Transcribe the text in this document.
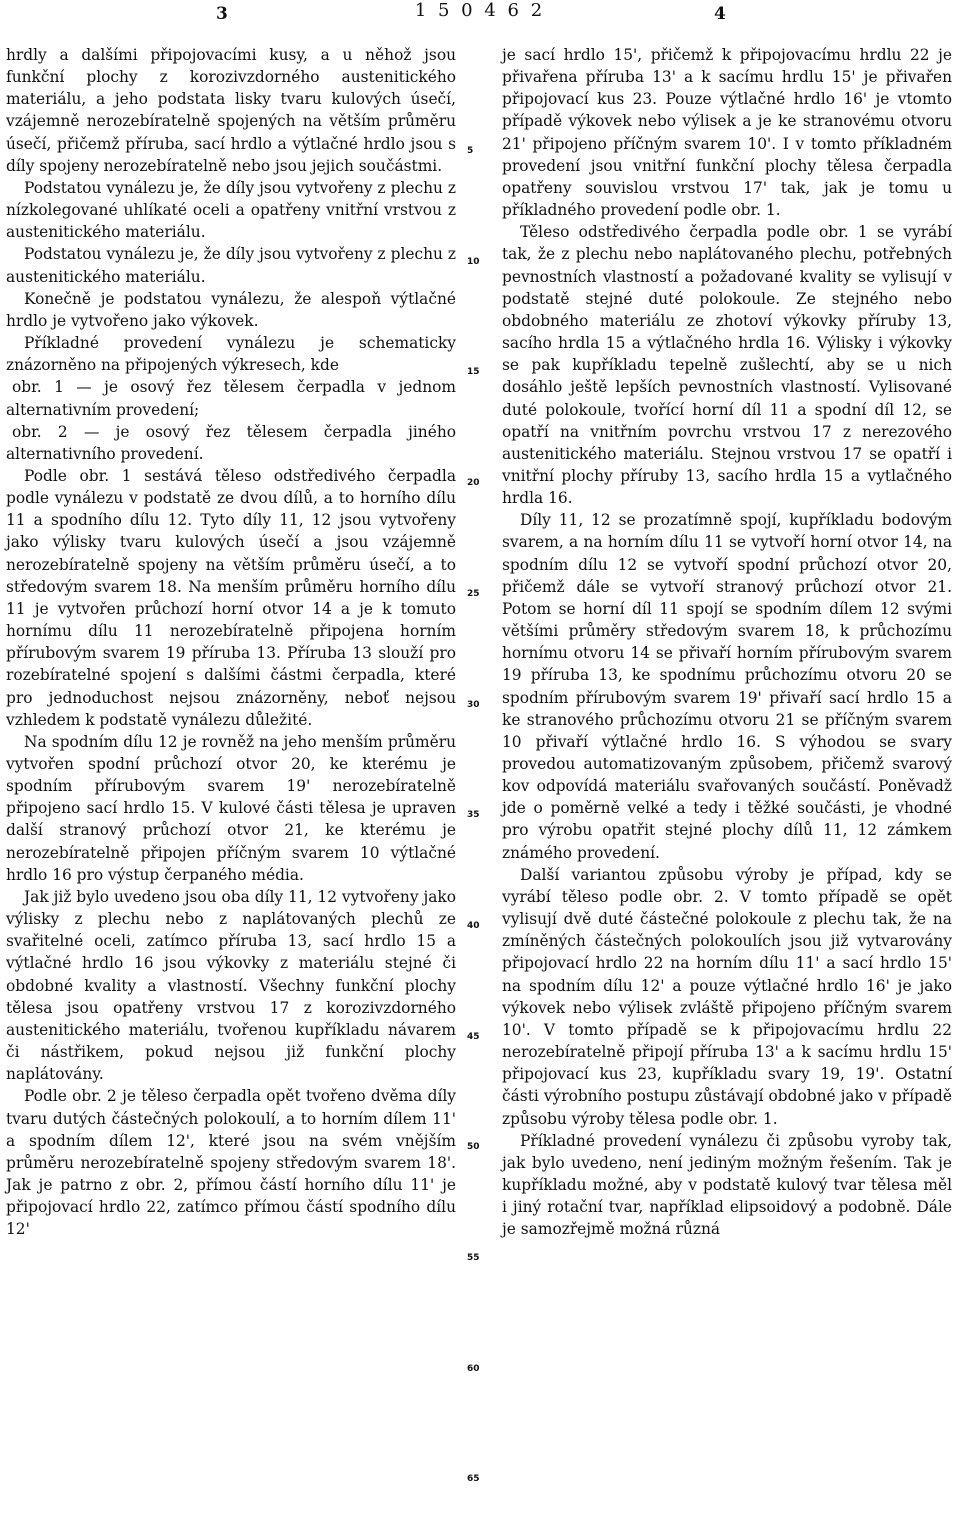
3	1 5 0 4 6 2	4

hrdly a dalšími připojovacími kusy, a u něhož jsou funkční plochy z korozivzdorného austenitického materiálu, a jeho podstata lisky tvaru kulových úsečí, vzájemně nerozebíratelně spojených na větším průměru úsečí, přičemž příruba, sací hrdlo a výtlačné hrdlo jsou s díly spojeny nerozebíratelně nebo jsou jejich součástmi.

Podstatou vynálezu je, že díly jsou vytvořeny z plechu z nízkolegované uhlíkaté oceli a opatřeny vnitřní vrstvou z austenitického materiálu.

Podstatou vynálezu je, že díly jsou vytvořeny z plechu z austenitického materiálu.

Konečně je podstatou vynálezu, že alespoň výtlačné hrdlo je vytvořeno jako výkovek.

Příkladné provedení vynálezu je schematicky znázorněno na připojených výkresech, kde

obr. 1 — je osový řez tělesem čerpadla v jednom alternativním provedení;

obr. 2 — je osový řez tělesem čerpadla jiného alternativního provedení.

Podle obr. 1 sestává těleso odstředivého čerpadla podle vynálezu v podstatě ze dvou dílů, a to horního dílu 11 a spodního dílu 12. Tyto díly 11, 12 jsou vytvořeny jako výlisky tvaru kulových úsečí a jsou vzájemně nerozebíratelně spojeny na větším průměru úsečí, a to středovým svarem 18. Na menším průměru horního dílu 11 je vytvořen průchozí horní otvor 14 a je k tomuto hornímu dílu 11 nerozebíratelně připojena horním přírubovým svarem 19 příruba 13. Příruba 13 slouží pro rozebíratelné spojení s dalšími částmi čerpadla, které pro jednoduchost nejsou znázorněny, neboť nejsou vzhledem k podstatě vynálezu důležité.

Na spodním dílu 12 je rovněž na jeho menším průměru vytvořen spodní průchozí otvor 20, ke kterému je spodním přírubovým svarem 19' nerozebíratelně připojeno sací hrdlo 15. V kulové části tělesa je upraven další stranový průchozí otvor 21, ke kterému je nerozebíratelně připojen příčným svarem 10 výtlačné hrdlo 16 pro výstup čerpaného média.

Jak již bylo uvedeno jsou oba díly 11, 12 vytvořeny jako výlisky z plechu nebo z naplátovaných plechů ze svařitelné oceli, zatímco příruba 13, sací hrdlo 15 a výtlačné hrdlo 16 jsou výkovky z materiálu stejné či obdobné kvality a vlastností. Všechny funkční plochy tělesa jsou opatřeny vrstvou 17 z korozivzdorného austenitického materiálu, tvořenou kupříkladu návarem či nástřikem, pokud nejsou již funkční plochy naplátovány.

Podle obr. 2 je těleso čerpadla opět tvořeno dvěma díly tvaru dutých částečných polokoulí, a to horním dílem 11' a spodním dílem 12', které jsou na svém vnějším průměru nerozebíratelně spojeny středovým svarem 18'. Jak je patrno z obr. 2, přímou částí horního dílu 11' je připojovací hrdlo 22, zatímco přímou částí spodního dílu 12'

je sací hrdlo 15', přičemž k připojovacímu hrdlu 22 je přivařena příruba 13' a k sacímu hrdlu 15' je přivařen připojovací kus 23. Pouze výtlačné hrdlo 16' je vtomto případě výkovek nebo výlisek a je ke stranovému otvoru 21' připojeno příčným svarem 10'. I v tomto příkladném provedení jsou vnitřní funkční plochy tělesa čerpadla opatřeny souvislou vrstvou 17' tak, jak je tomu u příkladného provedení podle obr. 1.

Těleso odstředivého čerpadla podle obr. 1 se vyrábí tak, že z plechu nebo naplátovaného plechu, potřebných pevnostních vlastností a požadované kvality se vylisují v podstatě stejné duté polokoule. Ze stejného nebo obdobného materiálu ze zhotoví výkovky příruby 13, sacího hrdla 15 a výtlačného hrdla 16. Výlisky i výkovky se pak kupříkladu tepelně zušlechtí, aby se u nich dosáhlo ještě lepších pevnostních vlastností. Vylisované duté polokoule, tvořící horní díl 11 a spodní díl 12, se opatří na vnitřním povrchu vrstvou 17 z nerezového austenitického materiálu. Stejnou vrstvou 17 se opatří i vnitřní plochy příruby 13, sacího hrdla 15 a vytlačného hrdla 16.

Díly 11, 12 se prozatímně spojí, kupříkladu bodovým svarem, a na horním dílu 11 se vytvoří horní otvor 14, na spodním dílu 12 se vytvoří spodní průchozí otvor 20, přičemž dále se vytvoří stranový průchozí otvor 21. Potom se horní díl 11 spojí se spodním dílem 12 svými většími průměry středovým svarem 18, k průchozímu hornímu otvoru 14 se přivaří horním přírubovým svarem 19 příruba 13, ke spodnímu průchozímu otvoru 20 se spodním přírubovým svarem 19' přivaří sací hrdlo 15 a ke stranového průchozímu otvoru 21 se příčným svarem 10 přivaří výtlačné hrdlo 16. S výhodou se svary provedou automatizovaným způsobem, přičemž svarový kov odpovídá materiálu svařovaných součástí. Poněvadž jde o poměrně velké a tedy i těžké součásti, je vhodné pro výrobu opatřit stejné plochy dílů 11, 12 zámkem známého provedení.

Další variantou způsobu výroby je případ, kdy se vyrábí těleso podle obr. 2. V tomto případě se opět vylisují dvě duté částečné polokoule z plechu tak, že na zmíněných částečných polokoulích jsou již vytvarovány připojovací hrdlo 22 na horním dílu 11' a sací hrdlo 15' na spodním dílu 12' a pouze výtlačné hrdlo 16' je jako výkovek nebo výlisek zvláště připojeno příčným svarem 10'. V tomto případě se k připojovacímu hrdlu 22 nerozebíratelně připojí příruba 13' a k sacímu hrdlu 15' připojovací kus 23, kupříkladu svary 19, 19'. Ostatní části výrobního postupu zůstávají obdobné jako v případě způsobu výroby tělesa podle obr. 1.

Příkladné provedení vynálezu či způsobu vyroby tak, jak bylo uvedeno, není jediným možným řešením. Tak je kupříkladu možné, aby v podstatě kulový tvar tělesa měl i jiný rotační tvar, například elipsoidový a podobně. Dále je samozřejmě možná různá

5
10
15
20
25
30
35
40
45
50
55
60
65
